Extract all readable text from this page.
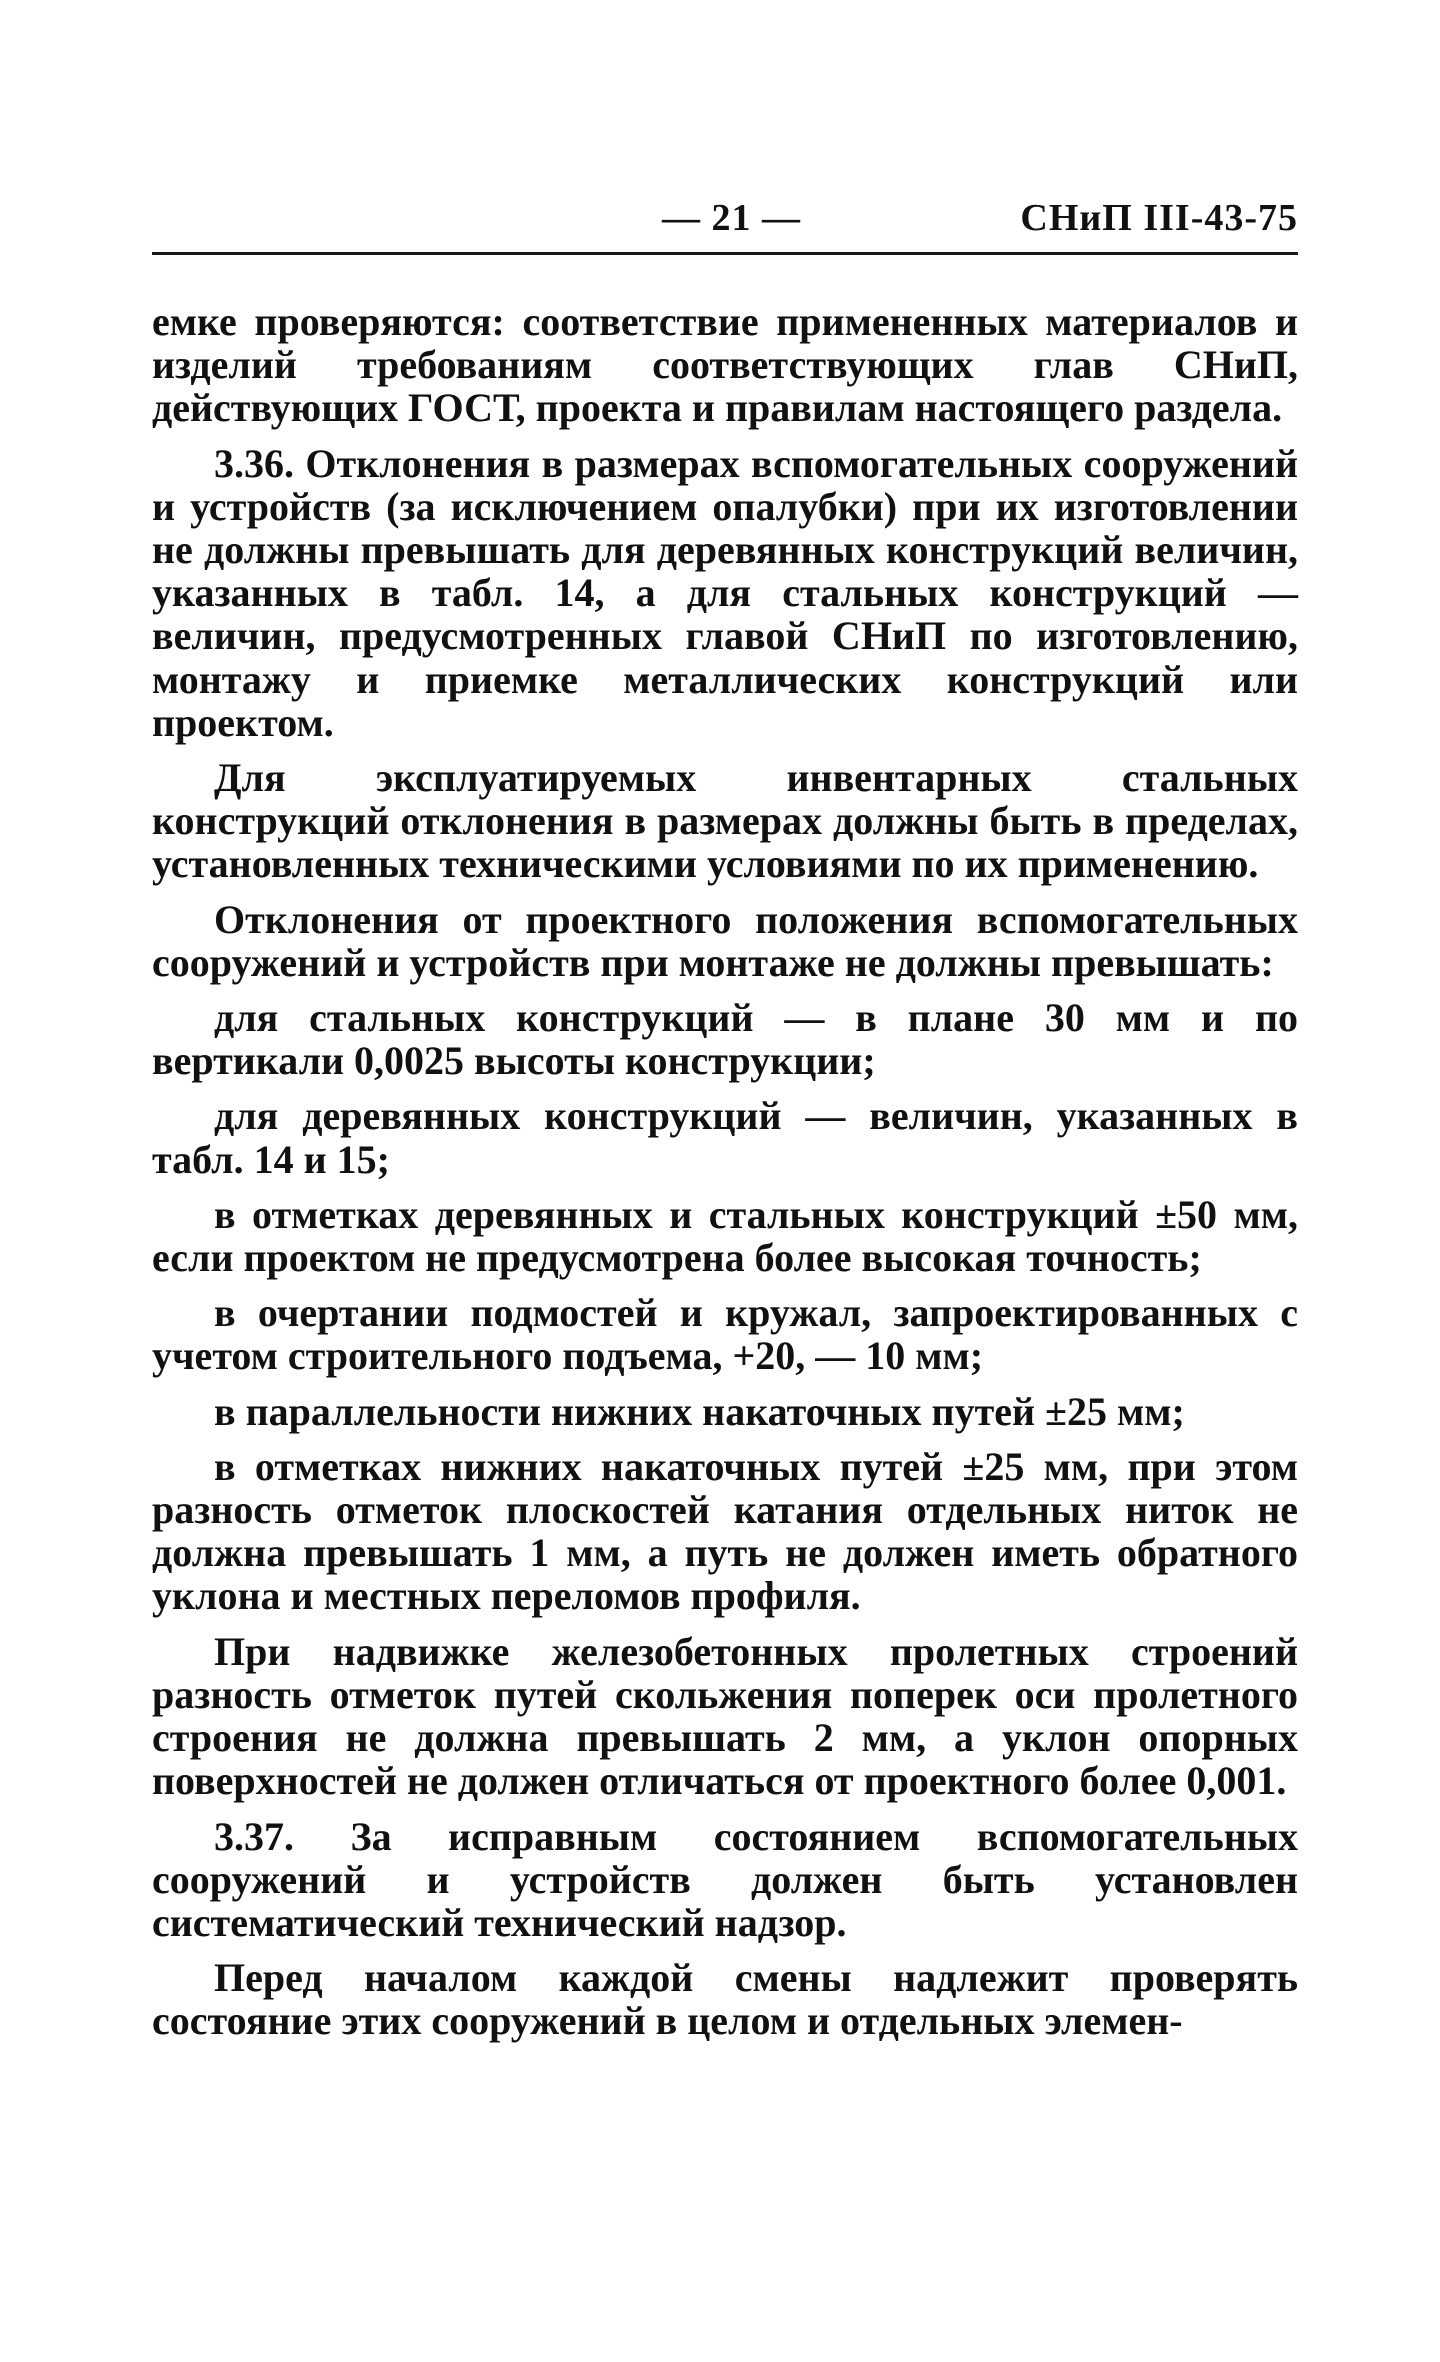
— 21 —	СНиП III-43-75

емке проверяются: соответствие примененных материалов и изделий требованиям соответствующих глав СНиП, действующих ГОСТ, проекта и правилам настоящего раздела.

3.36. Отклонения в размерах вспомогательных сооружений и устройств (за исключением опалубки) при их изготовлении не должны превышать для деревянных конструкций величин, указанных в табл. 14, а для стальных конструкций — величин, предусмотренных главой СНиП по изготовлению, монтажу и приемке металлических конструкций или проектом.

Для эксплуатируемых инвентарных стальных конструкций отклонения в размерах должны быть в пределах, установленных техническими условиями по их применению.

Отклонения от проектного положения вспомогательных сооружений и устройств при монтаже не должны превышать:

для стальных конструкций — в плане 30 мм и по вертикали 0,0025 высоты конструкции;

для деревянных конструкций — величин, указанных в табл. 14 и 15;

в отметках деревянных и стальных конструкций ±50 мм, если проектом не предусмотрена более высокая точность;

в очертании подмостей и кружал, запроектированных с учетом строительного подъема, +20, — 10 мм;

в параллельности нижних накаточных путей ±25 мм;

в отметках нижних накаточных путей ±25 мм, при этом разность отметок плоскостей катания отдельных ниток не должна превышать 1 мм, а путь не должен иметь обратного уклона и местных переломов профиля.

При надвижке железобетонных пролетных строений разность отметок путей скольжения поперек оси пролетного строения не должна превышать 2 мм, а уклон опорных поверхностей не должен отличаться от проектного более 0,001.

3.37. За исправным состоянием вспомогательных сооружений и устройств должен быть установлен систематический технический надзор.

Перед началом каждой смены надлежит проверять состояние этих сооружений в целом и отдельных элемен-
